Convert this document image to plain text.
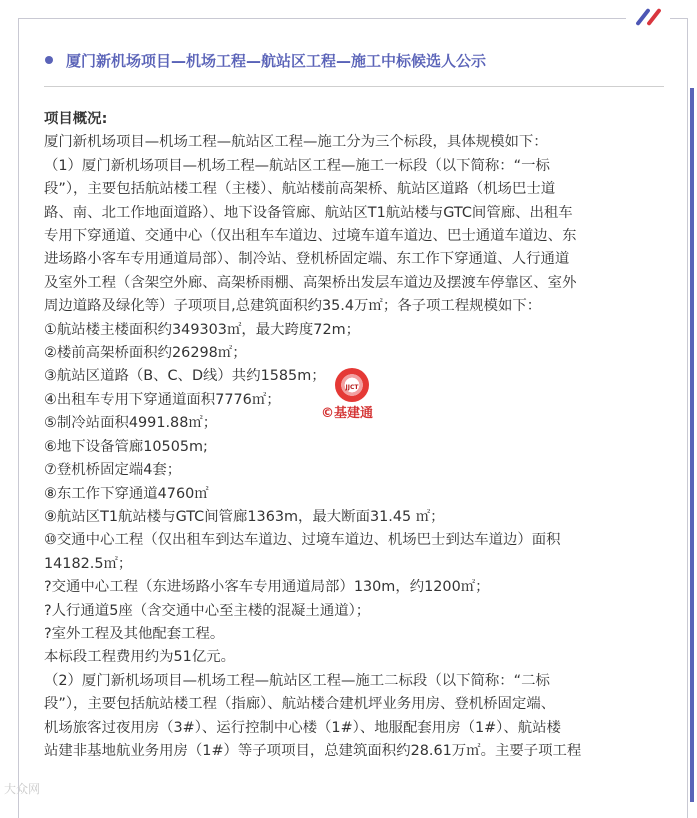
厦门新机场项目—机场工程—航站区工程—施工中标候选人公示

项目概况:

厦门新机场项目—机场工程—航站区工程—施工分为三个标段，具体规模如下：

（1）厦门新机场项目—机场工程—航站区工程—施工一标段（以下简称：“一标

段”），主要包括航站楼工程（主楼）、航站楼前高架桥、航站区道路（机场巴士道

路、南、北工作地面道路）、地下设备管廊、航站区T1航站楼与GTC间管廊、出租车

专用下穿通道、交通中心（仅出租车车道边、过境车道车道边、巴士通道车道边、东

进场路小客车专用通道局部）、制冷站、登机桥固定端、东工作下穿通道、人行通道

及室外工程（含架空外廊、高架桥雨棚、高架桥出发层车道边及摆渡车停靠区、室外

周边道路及绿化等）子项项目,总建筑面积约35.4万㎡；各子项工程规模如下：

①航站楼主楼面积约349303㎡，最大跨度72m；

②楼前高架桥面积约26298㎡；

③航站区道路（B、C、D线）共约1585m；

④出租车专用下穿通道面积7776㎡；

⑤制冷站面积4991.88㎡；

⑥地下设备管廊10505m;

⑦登机桥固定端4套；

⑧东工作下穿通道4760㎡

⑨航站区T1航站楼与GTC间管廊1363m，最大断面31.45 ㎡；

⑩交通中心工程（仅出租车到达车道边、过境车道边、机场巴士到达车道边）面积

14182.5㎡；

?交通中心工程（东进场路小客车专用通道局部）130m，约1200㎡；

?人行通道5座（含交通中心至主楼的混凝土通道）；

?室外工程及其他配套工程。

本标段工程费用约为51亿元。

（2）厦门新机场项目—机场工程—航站区工程—施工二标段（以下简称：“二标

段”），主要包括航站楼工程（指廊）、航站楼合建机坪业务用房、登机桥固定端、

机场旅客过夜用房（3#）、运行控制中心楼（1#）、地服配套用房（1#）、航站楼

站建非基地航业务用房（1#）等子项项目，总建筑面积约28.61万㎡。主要子项工程

JJCT
©基建通
大众网
